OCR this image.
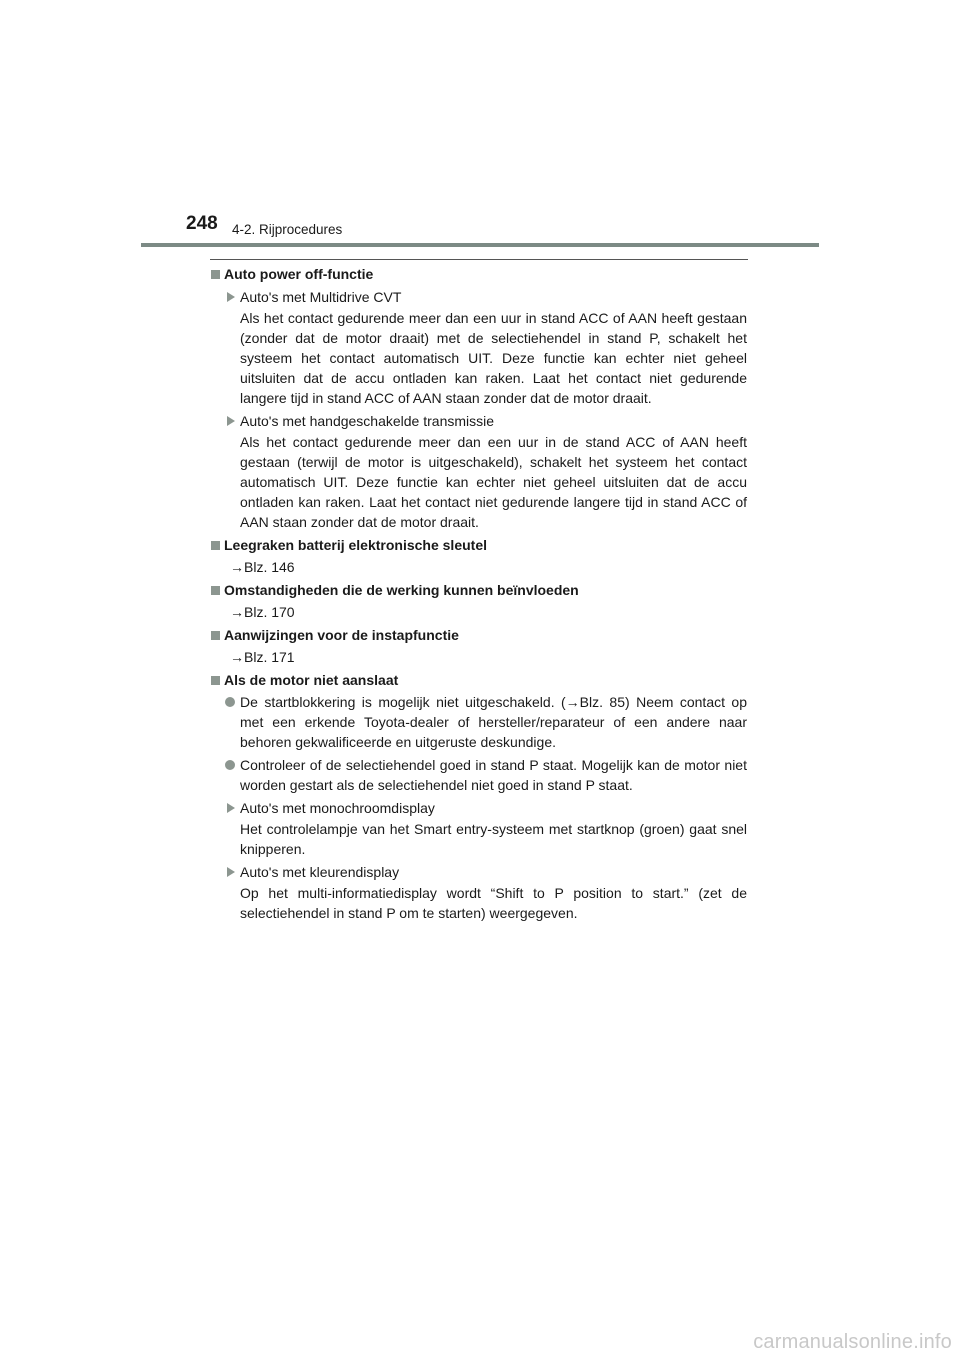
248 4-2. Rijprocedures
Auto power off-functie
Auto's met Multidrive CVT
Als het contact gedurende meer dan een uur in stand ACC of AAN heeft gestaan (zonder dat de motor draait) met de selectiehendel in stand P, schakelt het systeem het contact automatisch UIT. Deze functie kan echter niet geheel uitsluiten dat de accu ontladen kan raken. Laat het contact niet gedurende langere tijd in stand ACC of AAN staan zonder dat de motor draait.
Auto's met handgeschakelde transmissie
Als het contact gedurende meer dan een uur in de stand ACC of AAN heeft gestaan (terwijl de motor is uitgeschakeld), schakelt het systeem het contact automatisch UIT. Deze functie kan echter niet geheel uitsluiten dat de accu ontladen kan raken. Laat het contact niet gedurende langere tijd in stand ACC of AAN staan zonder dat de motor draait.
Leegraken batterij elektronische sleutel
→Blz. 146
Omstandigheden die de werking kunnen beïnvloeden
→Blz. 170
Aanwijzingen voor de instapfunctie
→Blz. 171
Als de motor niet aanslaat
De startblokkering is mogelijk niet uitgeschakeld. (→Blz. 85) Neem contact op met een erkende Toyota-dealer of hersteller/reparateur of een andere naar behoren gekwalificeerde en uitgeruste deskundige.
Controleer of de selectiehendel goed in stand P staat. Mogelijk kan de motor niet worden gestart als de selectiehendel niet goed in stand P staat.
Auto's met monochroomdisplay
Het controlelampje van het Smart entry-systeem met startknop (groen) gaat snel knipperen.
Auto's met kleurendisplay
Op het multi-informatiedisplay wordt “Shift to P position to start.” (zet de selectiehendel in stand P om te starten) weergegeven.
carmanualsonline.info
